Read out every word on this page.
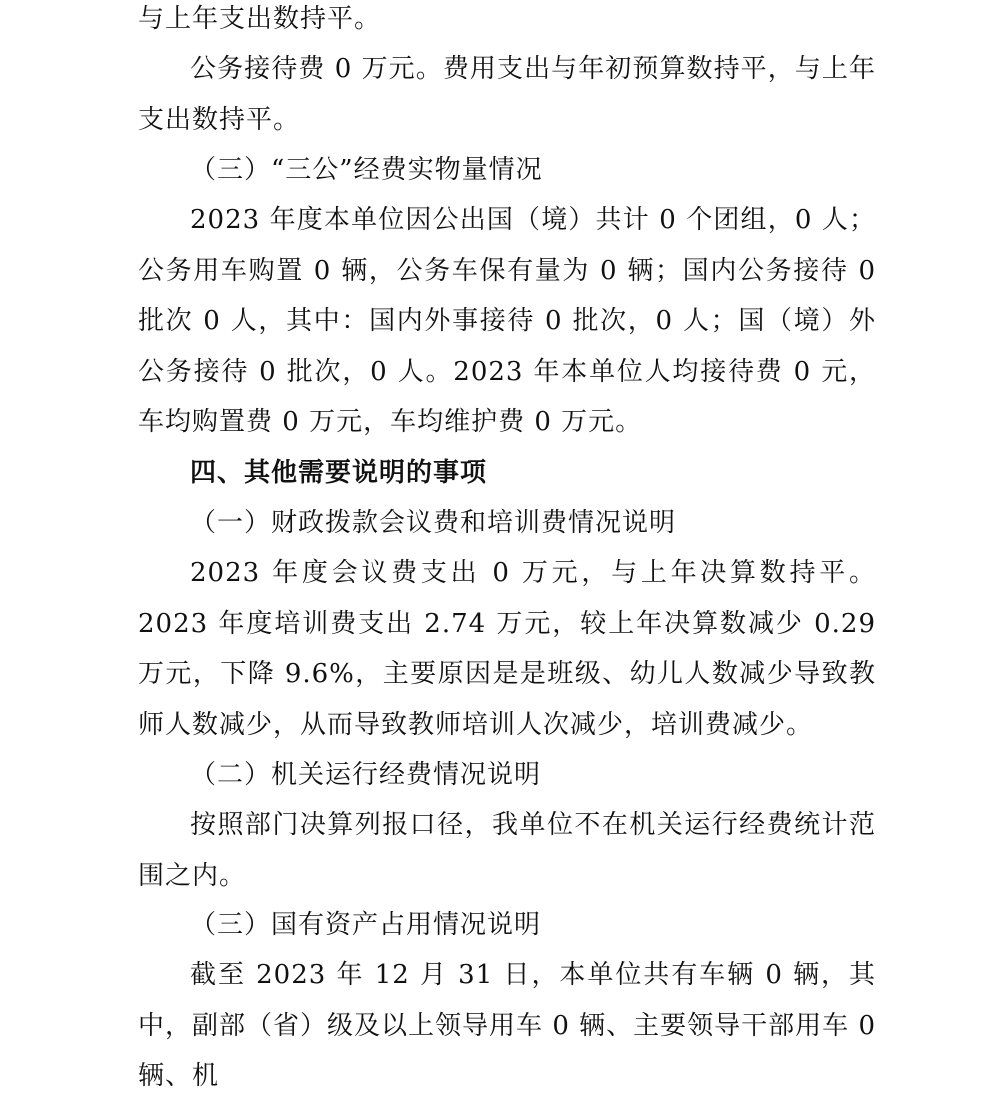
与上年支出数持平。

公务接待费 0 万元。费用支出与年初预算数持平，与上年支出数持平。

（三）“三公”经费实物量情况

2023 年度本单位因公出国（境）共计 0 个团组，0 人；公务用车购置 0 辆，公务车保有量为 0 辆；国内公务接待 0 批次 0 人，其中：国内外事接待 0 批次，0 人；国（境）外公务接待 0 批次，0 人。2023 年本单位人均接待费 0 元，车均购置费 0 万元，车均维护费 0 万元。

四、其他需要说明的事项

（一）财政拨款会议费和培训费情况说明

2023 年度会议费支出 0 万元，与上年决算数持平。2023 年度培训费支出 2.74 万元，较上年决算数减少 0.29 万元，下降 9.6%，主要原因是是班级、幼儿人数减少导致教师人数减少，从而导致教师培训人次减少，培训费减少。

（二）机关运行经费情况说明

按照部门决算列报口径，我单位不在机关运行经费统计范围之内。

（三）国有资产占用情况说明

截至 2023 年 12 月 31 日，本单位共有车辆 0 辆，其中，副部（省）级及以上领导用车 0 辆、主要领导干部用车 0 辆、机
